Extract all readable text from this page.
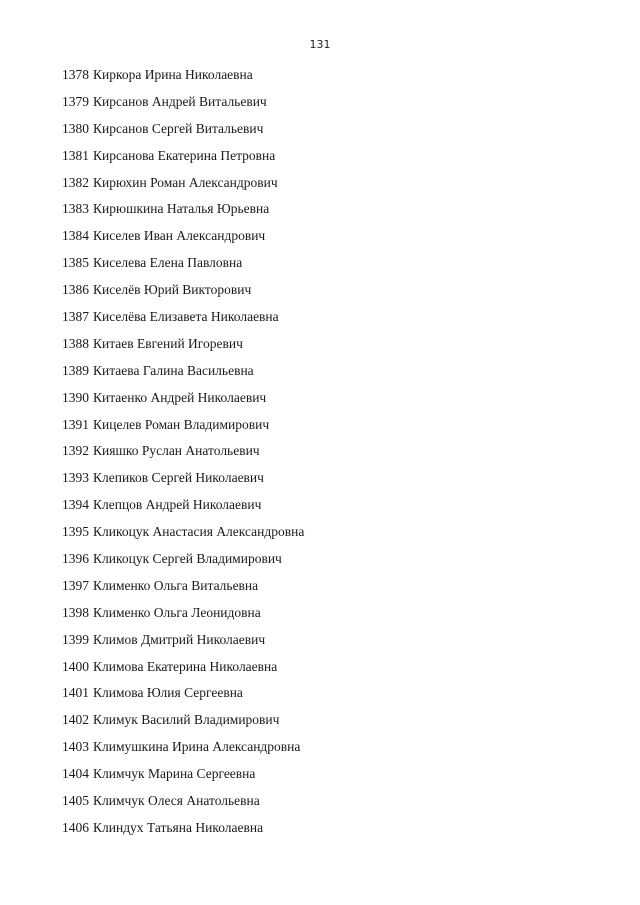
131
1378 Киркора Ирина Николаевна
1379 Кирсанов Андрей Витальевич
1380 Кирсанов Сергей Витальевич
1381 Кирсанова Екатерина Петровна
1382 Кирюхин Роман Александрович
1383 Кирюшкина Наталья Юрьевна
1384 Киселев Иван Александрович
1385 Киселева Елена Павловна
1386 Киселёв Юрий Викторович
1387 Киселёва Елизавета Николаевна
1388 Китаев Евгений Игоревич
1389 Китаева Галина Васильевна
1390 Китаенко Андрей Николаевич
1391 Кицелев Роман Владимирович
1392 Кияшко Руслан Анатольевич
1393 Клепиков Сергей Николаевич
1394 Клепцов Андрей Николаевич
1395 Кликоцук Анастасия Александровна
1396 Кликоцук Сергей Владимирович
1397 Клименко Ольга Витальевна
1398 Клименко Ольга Леонидовна
1399 Климов Дмитрий Николаевич
1400 Климова Екатерина Николаевна
1401 Климова Юлия Сергеевна
1402 Климук Василий Владимирович
1403 Климушкина Ирина Александровна
1404 Климчук Марина Сергеевна
1405 Климчук Олеся Анатольевна
1406 Клиндух Татьяна Николаевна
